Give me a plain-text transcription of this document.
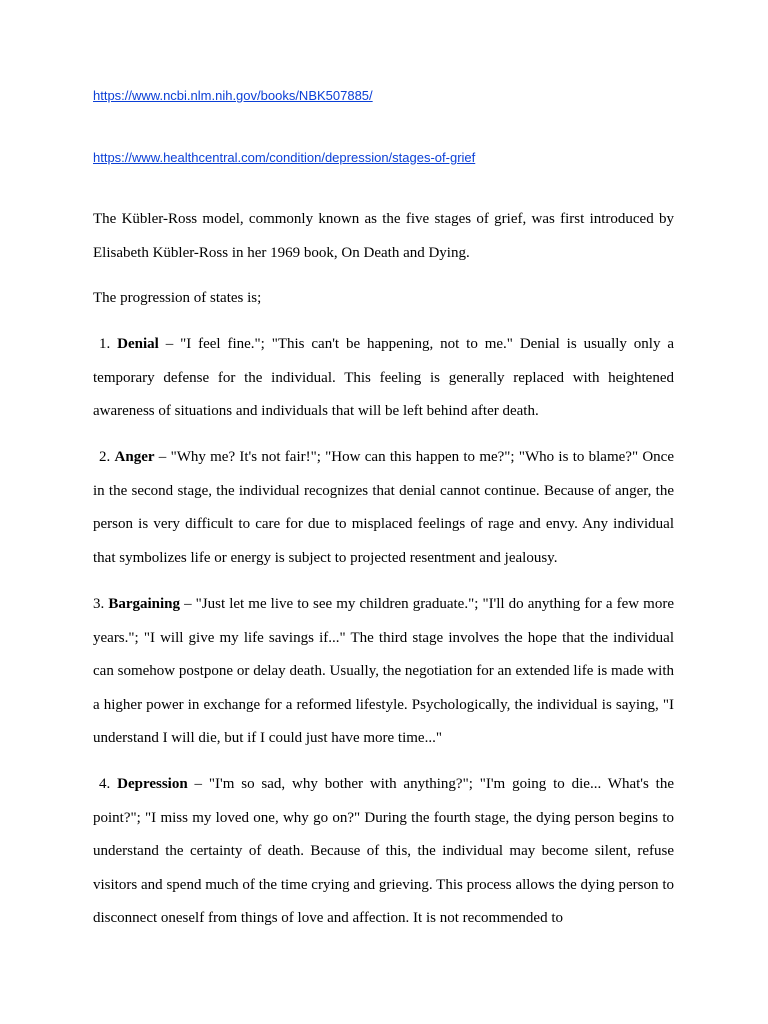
https://www.ncbi.nlm.nih.gov/books/NBK507885/
https://www.healthcentral.com/condition/depression/stages-of-grief

The Kübler-Ross model, commonly known as the five stages of grief, was first introduced by Elisabeth Kübler-Ross in her 1969 book, On Death and Dying.

The progression of states is;

1. Denial – "I feel fine."; "This can't be happening, not to me." Denial is usually only a temporary defense for the individual. This feeling is generally replaced with heightened awareness of situations and individuals that will be left behind after death.

2. Anger – "Why me? It's not fair!"; "How can this happen to me?"; "Who is to blame?" Once in the second stage, the individual recognizes that denial cannot continue. Because of anger, the person is very difficult to care for due to misplaced feelings of rage and envy. Any individual that symbolizes life or energy is subject to projected resentment and jealousy.

3. Bargaining – "Just let me live to see my children graduate."; "I'll do anything for a few more years."; "I will give my life savings if..." The third stage involves the hope that the individual can somehow postpone or delay death. Usually, the negotiation for an extended life is made with a higher power in exchange for a reformed lifestyle. Psychologically, the individual is saying, "I understand I will die, but if I could just have more time..."

4. Depression – "I'm so sad, why bother with anything?"; "I'm going to die... What's the point?"; "I miss my loved one, why go on?" During the fourth stage, the dying person begins to understand the certainty of death. Because of this, the individual may become silent, refuse visitors and spend much of the time crying and grieving. This process allows the dying person to disconnect oneself from things of love and affection. It is not recommended to
